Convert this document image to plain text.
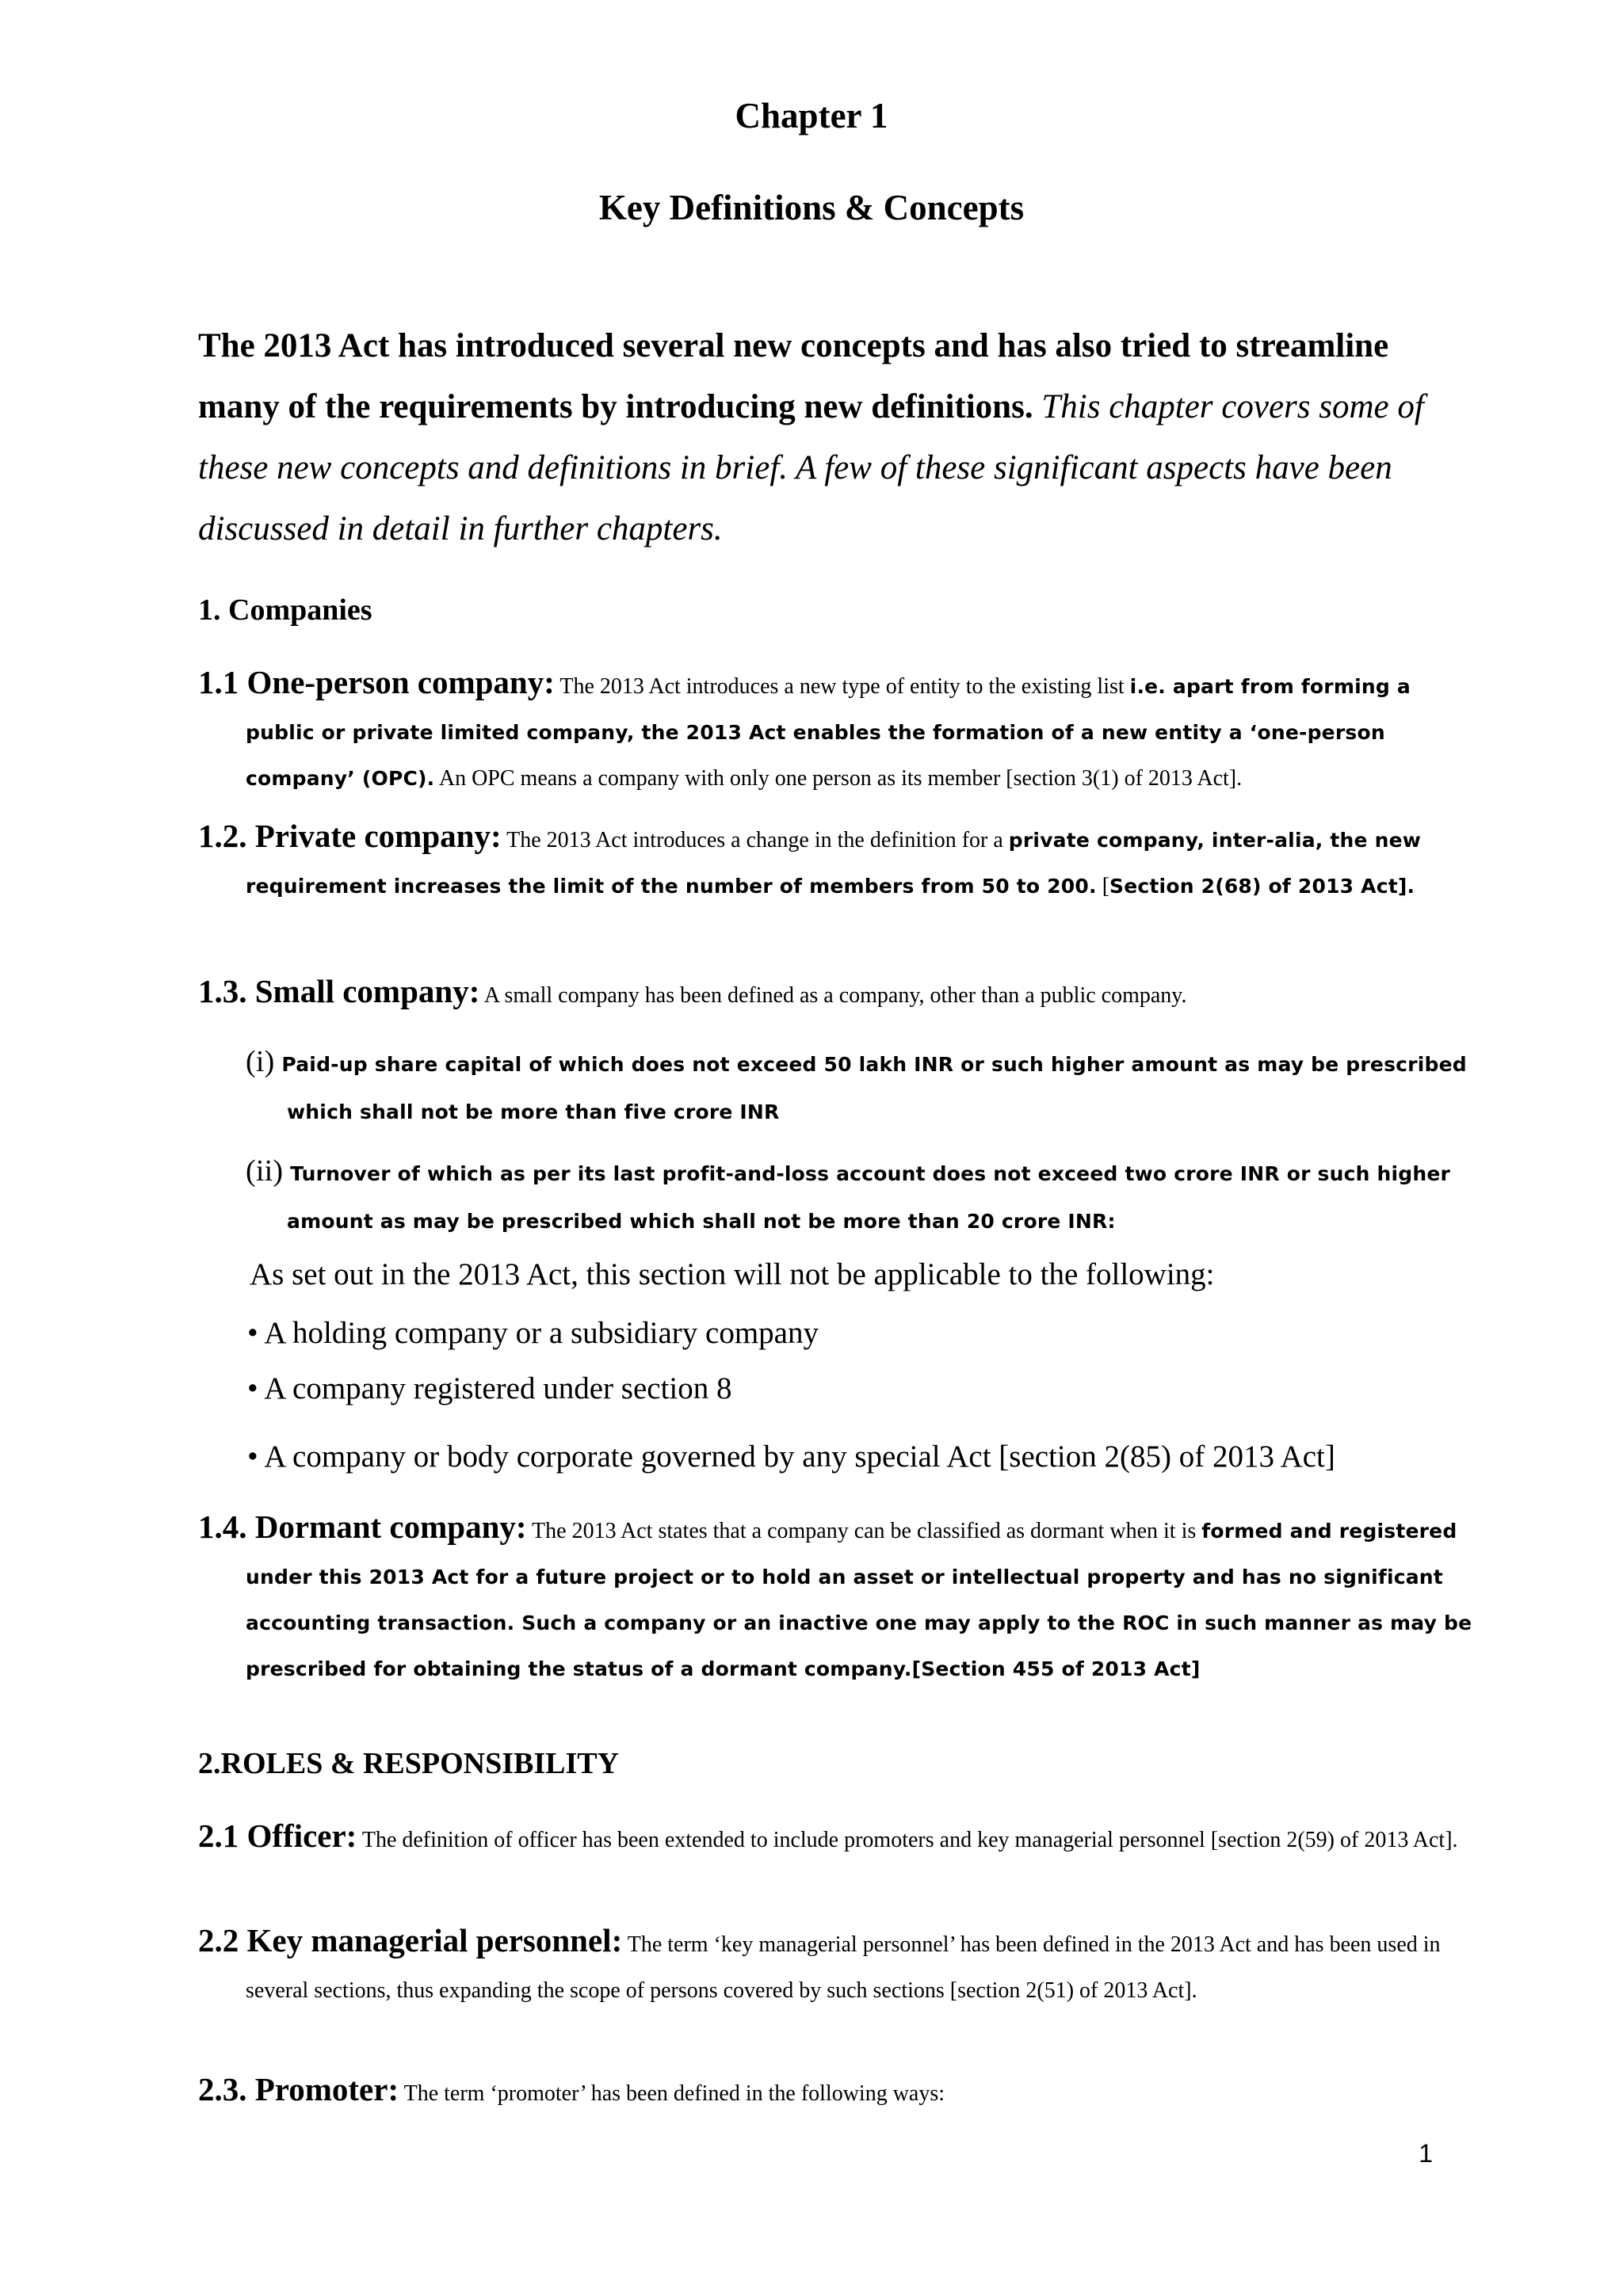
Chapter 1
Key Definitions & Concepts
The 2013 Act has introduced several new concepts and has also tried to streamline many of the requirements by introducing new definitions. This chapter covers some of these new concepts and definitions in brief. A few of these significant aspects have been discussed in detail in further chapters.
1. Companies
1.1 One-person company: The 2013 Act introduces a new type of entity to the existing list i.e. apart from forming a public or private limited company, the 2013 Act enables the formation of a new entity a ‘one-person company’ (OPC). An OPC means a company with only one person as its member [section 3(1) of 2013 Act].
1.2. Private company: The 2013 Act introduces a change in the definition for a private company, inter-alia, the new requirement increases the limit of the number of members from 50 to 200. [Section 2(68) of 2013 Act].
1.3. Small company: A small company has been defined as a company, other than a public company.
(i) Paid-up share capital of which does not exceed 50 lakh INR or such higher amount as may be prescribed which shall not be more than five crore INR
(ii) Turnover of which as per its last profit-and-loss account does not exceed two crore INR or such higher amount as may be prescribed which shall not be more than 20 crore INR:
As set out in the 2013 Act, this section will not be applicable to the following:
• A holding company or a subsidiary company
• A company registered under section 8
• A company or body corporate governed by any special Act [section 2(85) of 2013 Act]
1.4. Dormant company: The 2013 Act states that a company can be classified as dormant when it is formed and registered under this 2013 Act for a future project or to hold an asset or intellectual property and has no significant accounting transaction. Such a company or an inactive one may apply to the ROC in such manner as may be prescribed for obtaining the status of a dormant company.[Section 455 of 2013 Act]
2.ROLES & RESPONSIBILITY
2.1 Officer: The definition of officer has been extended to include promoters and key managerial personnel [section 2(59) of 2013 Act].
2.2 Key managerial personnel: The term ‘key managerial personnel’ has been defined in the 2013 Act and has been used in several sections, thus expanding the scope of persons covered by such sections [section 2(51) of 2013 Act].
2.3. Promoter: The term ‘promoter’ has been defined in the following ways:
1
